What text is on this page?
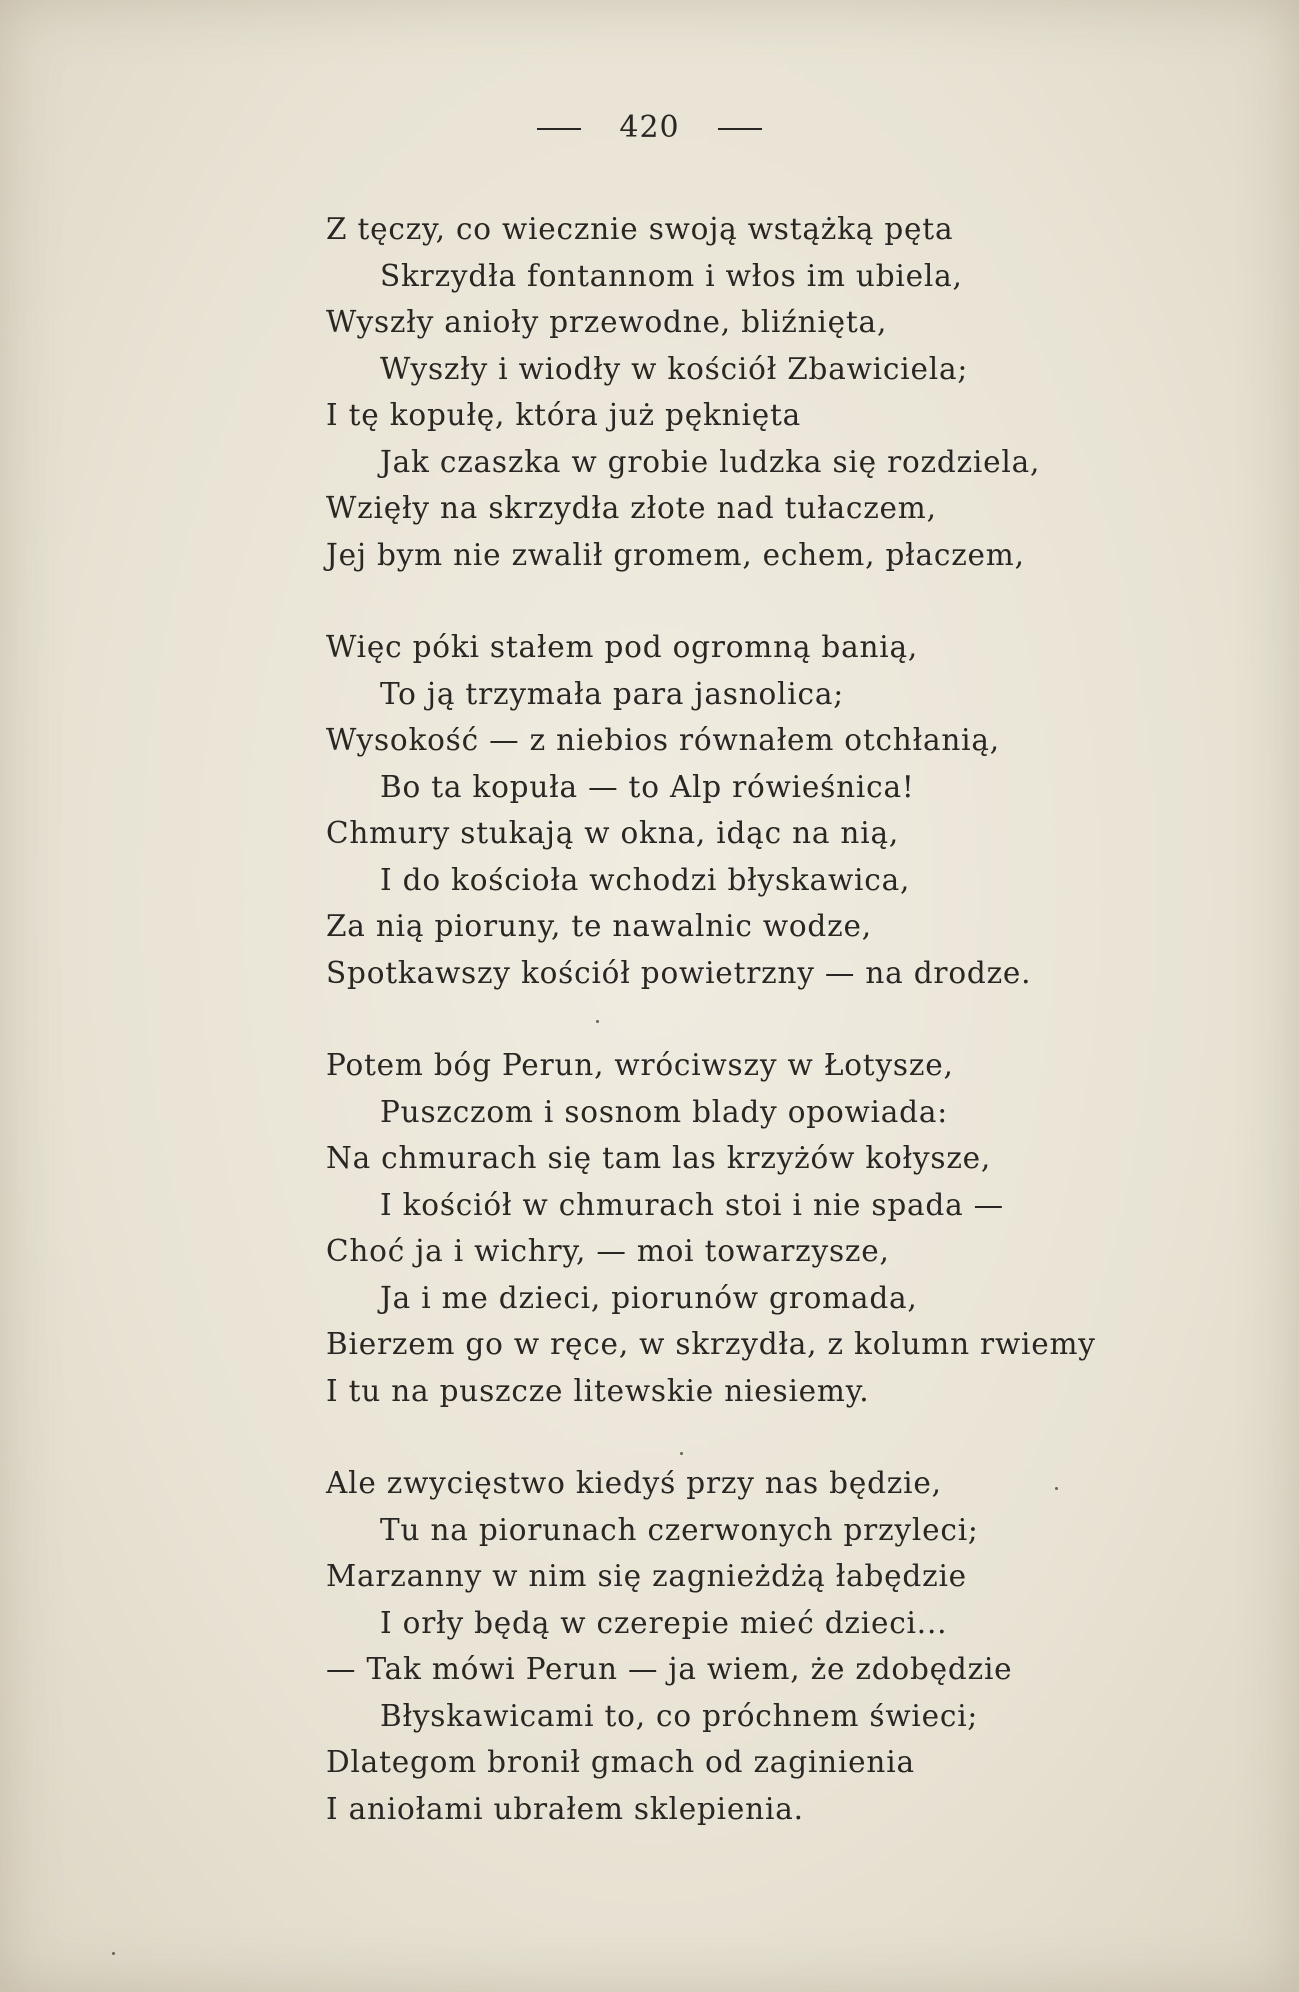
420
Z tęczy, co wiecznie swoją wstążką pęta
Skrzydła fontannom i włos im ubiela,
Wyszły anioły przewodne, bliźnięta,
Wyszły i wiodły w kościół Zbawiciela;
I tę kopułę, która już pęknięta
Jak czaszka w grobie ludzka się rozdziela,
Wzięły na skrzydła złote nad tułaczem,
Jej bym nie zwalił gromem, echem, płaczem,
Więc póki stałem pod ogromną banią,
To ją trzymała para jasnolica;
Wysokość — z niebios równałem otchłanią,
Bo ta kopuła — to Alp rówieśnica!
Chmury stukają w okna, idąc na nią,
I do kościoła wchodzi błyskawica,
Za nią pioruny, te nawalnic wodze,
Spotkawszy kościół powietrzny — na drodze.
Potem bóg Perun, wróciwszy w Łotysze,
Puszczom i sosnom blady opowiada:
Na chmurach się tam las krzyżów kołysze,
I kościół w chmurach stoi i nie spada —
Choć ja i wichry, — moi towarzysze,
Ja i me dzieci, piorunów gromada,
Bierzem go w ręce, w skrzydła, z kolumn rwiemy
I tu na puszcze litewskie niesiemy.
Ale zwycięstwo kiedyś przy nas będzie,
Tu na piorunach czerwonych przyleci;
Marzanny w nim się zagnieżdżą łabędzie
I orły będą w czerepie mieć dzieci...
— Tak mówi Perun — ja wiem, że zdobędzie
Błyskawicami to, co próchnem świeci;
Dlategom bronił gmach od zaginienia
I aniołami ubrałem sklepienia.
